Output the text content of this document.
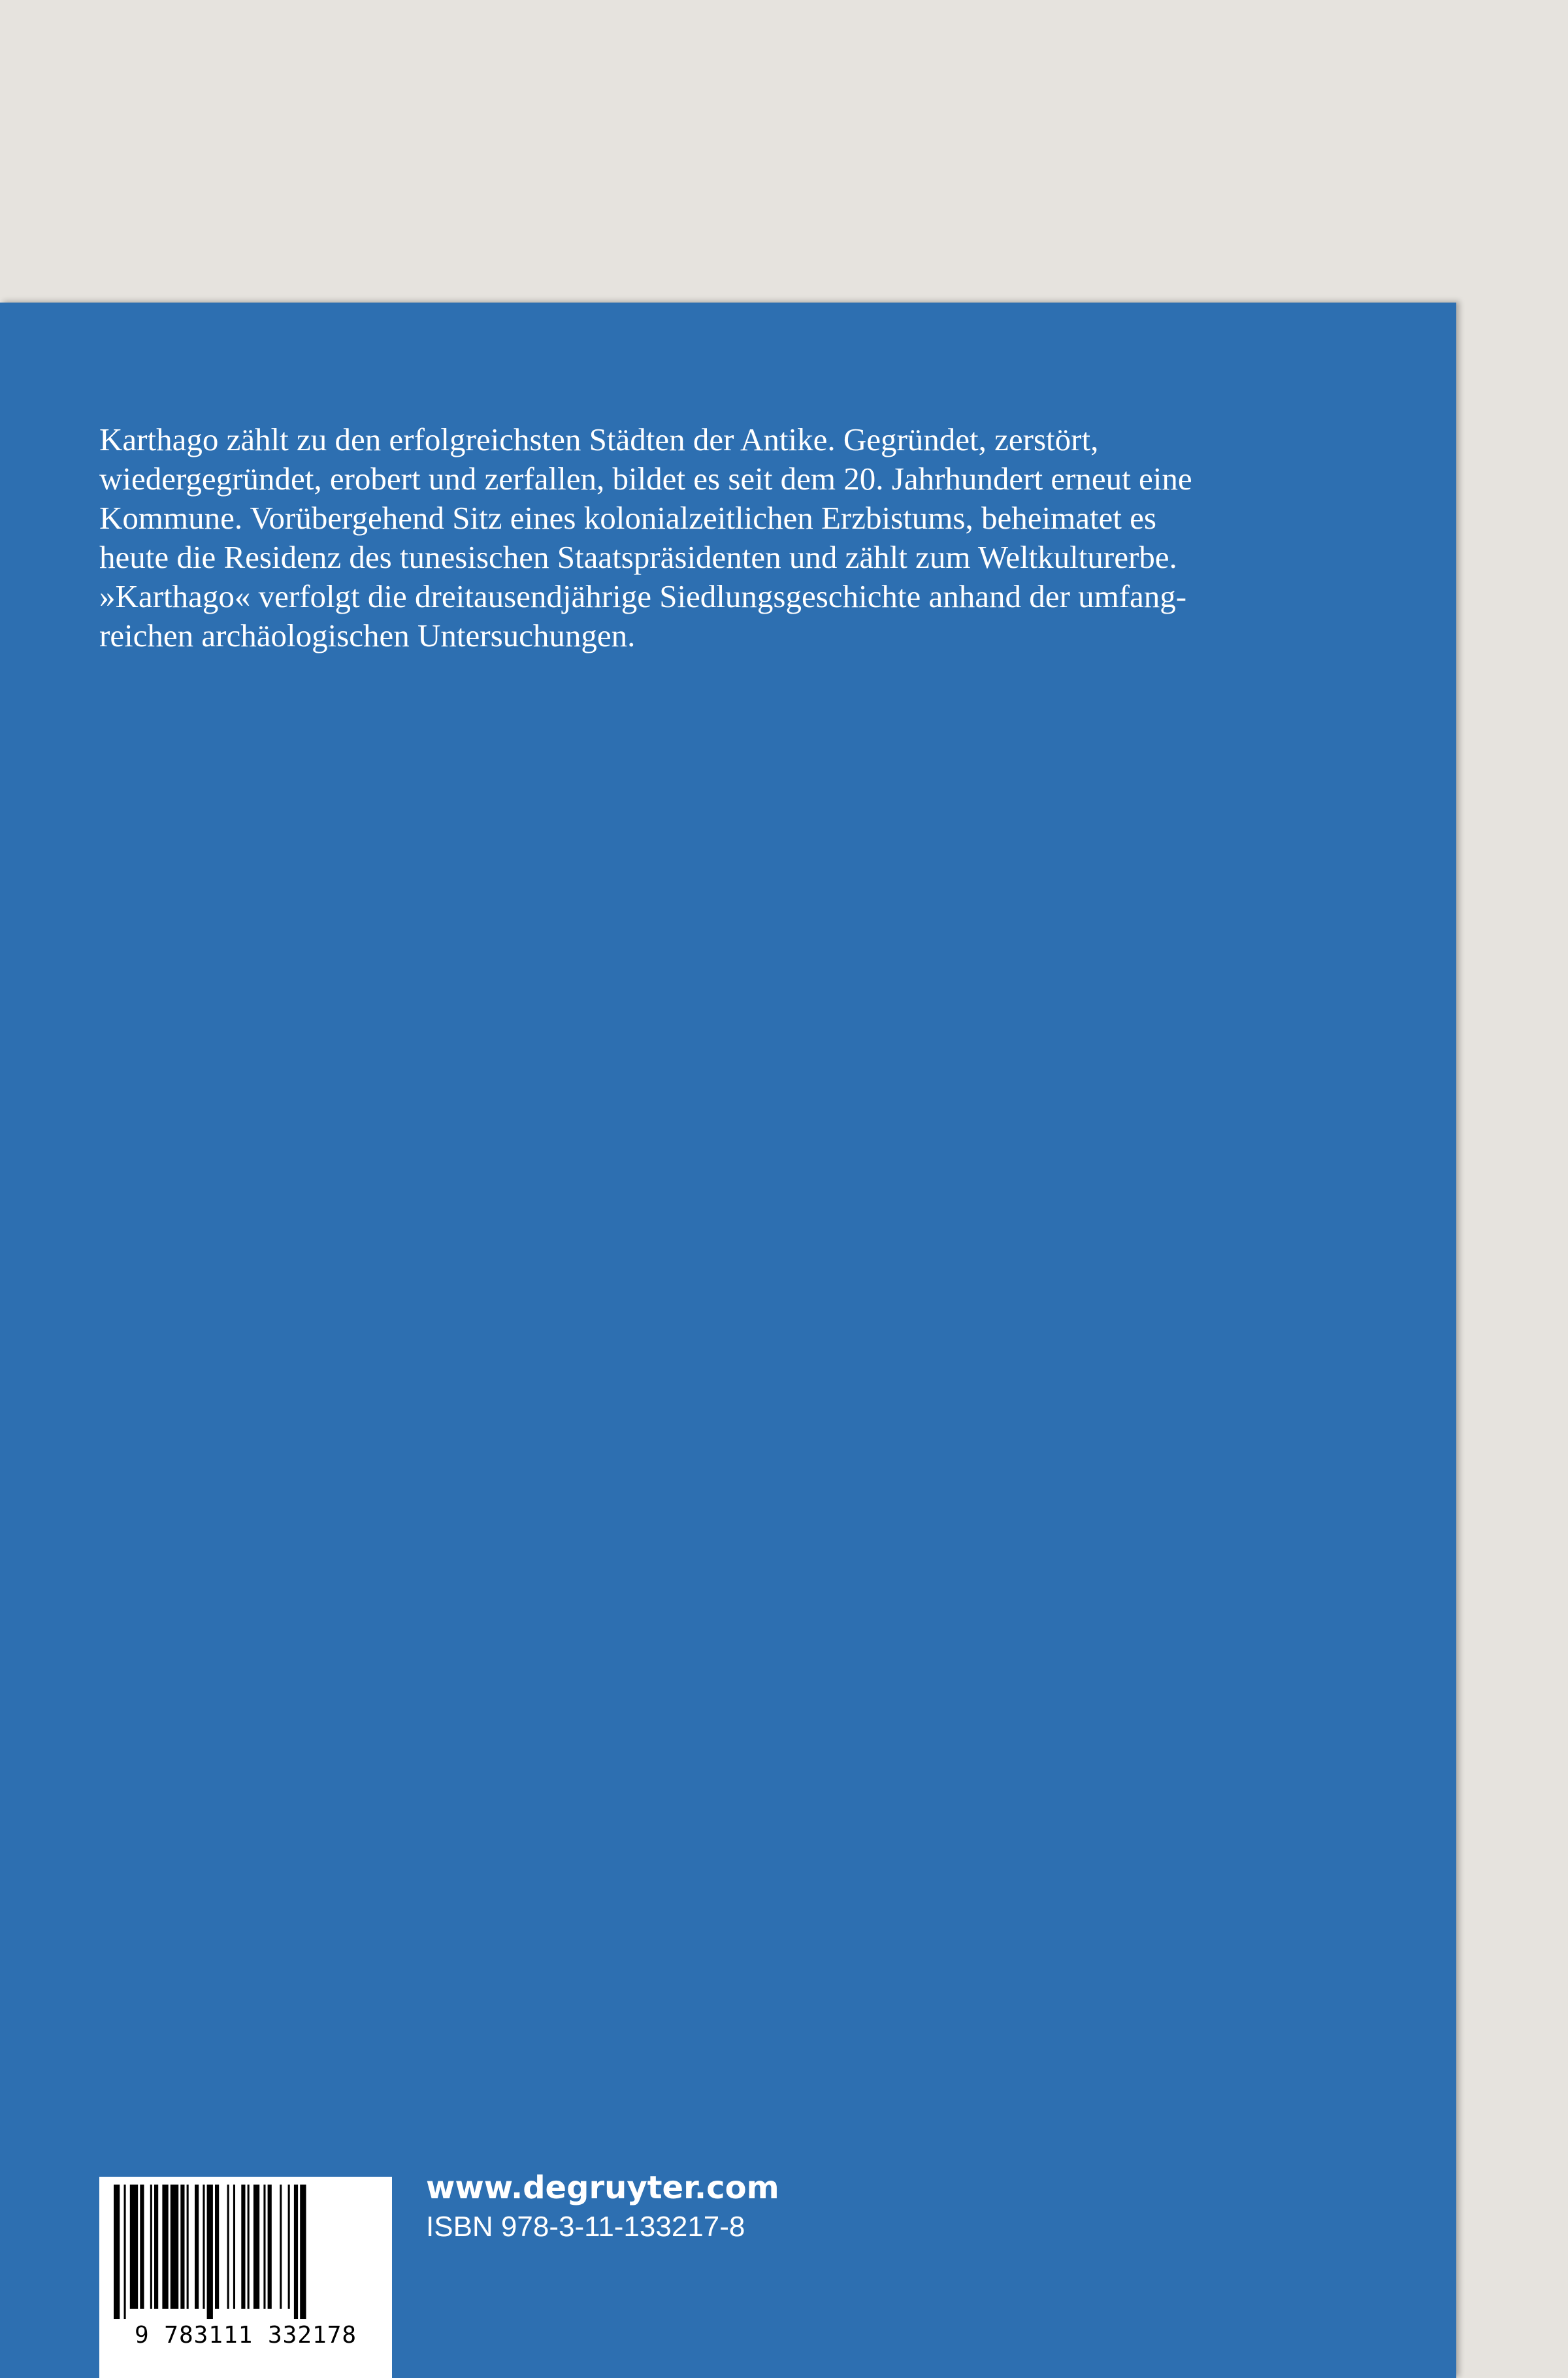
Karthago zählt zu den erfolgreichsten Städten der Antike. Gegründet, zerstört,
wiedergegründet, erobert und zerfallen, bildet es seit dem 20. Jahrhundert erneut eine
Kommune. Vorübergehend Sitz eines kolonialzeitlichen Erzbistums, beheimatet es
heute die Residenz des tunesischen Staatspräsidenten und zählt zum Weltkulturerbe.
»Karthago« verfolgt die dreitausendjährige Siedlungsgeschichte anhand der umfang-
reichen archäologischen Untersuchungen.

9 783111 332178

www.degruyter.com

ISBN 978-3-11-133217-8
